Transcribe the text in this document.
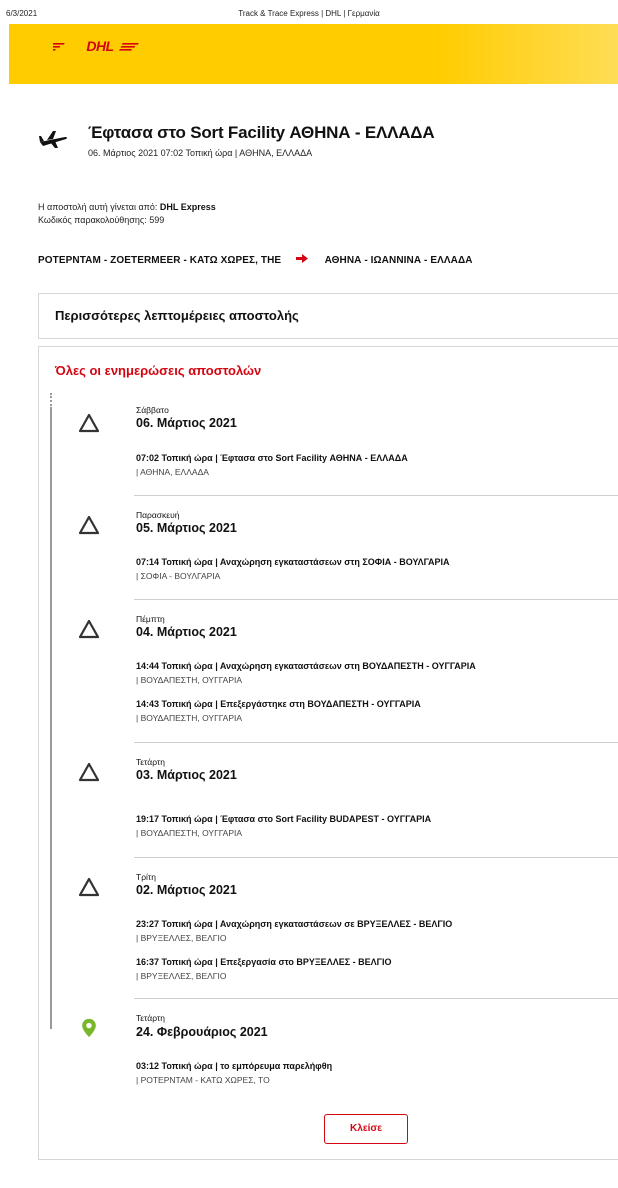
6/3/2021	Track & Trace Express | DHL | Γερμανία
DHL
Έφτασα στο Sort Facility ΑΘΗΝΑ - ΕΛΛΑΔΑ
06. Μάρτιος 2021 07:02 Τοπική ώρα | ΑΘΗΝΑ, ΕΛΛΑΔΑ
Η αποστολή αυτή γίνεται από: DHL Express
Κωδικός παρακολούθησης: 599
ΡΟΤΕΡΝΤΑΜ - ZOETERMEER - ΚΑΤΩ ΧΩΡΕΣ, ΤΗΕ	ΑΘΗΝΑ - ΙΩΑΝΝΙΝΑ - ΕΛΛΑΔΑ
Περισσότερες λεπτομέρειες αποστολής
Όλες οι ενημερώσεις αποστολών
Σάββατο
06. Μάρτιος 2021
07:02 Τοπική ώρα | Έφτασα στο Sort Facility ΑΘΗΝΑ - ΕΛΛΑΔΑ
| ΑΘΗΝΑ, ΕΛΛΑΔΑ
Παρασκευή
05. Μάρτιος 2021
07:14 Τοπική ώρα | Αναχώρηση εγκαταστάσεων στη ΣΟΦΙΑ - ΒΟΥΛΓΑΡΙΑ
| ΣΟΦΙΑ - ΒΟΥΛΓΑΡΙΑ
Πέμπτη
04. Μάρτιος 2021
14:44 Τοπική ώρα | Αναχώρηση εγκαταστάσεων στη ΒΟΥΔΑΠΕΣΤΗ - ΟΥΓΓΑΡΙΑ
| ΒΟΥΔΑΠΕΣΤΗ, ΟΥΓΓΑΡΙΑ
14:43 Τοπική ώρα | Επεξεργάστηκε στη ΒΟΥΔΑΠΕΣΤΗ - ΟΥΓΓΑΡΙΑ
| ΒΟΥΔΑΠΕΣΤΗ, ΟΥΓΓΑΡΙΑ
Τετάρτη
03. Μάρτιος 2021
19:17 Τοπική ώρα | Έφτασα στο Sort Facility BUDAPEST - ΟΥΓΓΑΡΙΑ
| ΒΟΥΔΑΠΕΣΤΗ, ΟΥΓΓΑΡΙΑ
Τρίτη
02. Μάρτιος 2021
23:27 Τοπική ώρα | Αναχώρηση εγκαταστάσεων σε ΒΡΥΞΕΛΛΕΣ - ΒΕΛΓΙΟ
| ΒΡΥΞΕΛΛΕΣ, ΒΕΛΓΙΟ
16:37 Τοπική ώρα | Επεξεργασία στο ΒΡΥΞΕΛΛΕΣ - ΒΕΛΓΙΟ
| ΒΡΥΞΕΛΛΕΣ, ΒΕΛΓΙΟ
Τετάρτη
24. Φεβρουάριος 2021
03:12 Τοπική ώρα | το εμπόρευμα παρελήφθη
| ΡΟΤΕΡΝΤΑΜ - ΚΑΤΩ ΧΩΡΕΣ, ΤΟ
Κλείσε
